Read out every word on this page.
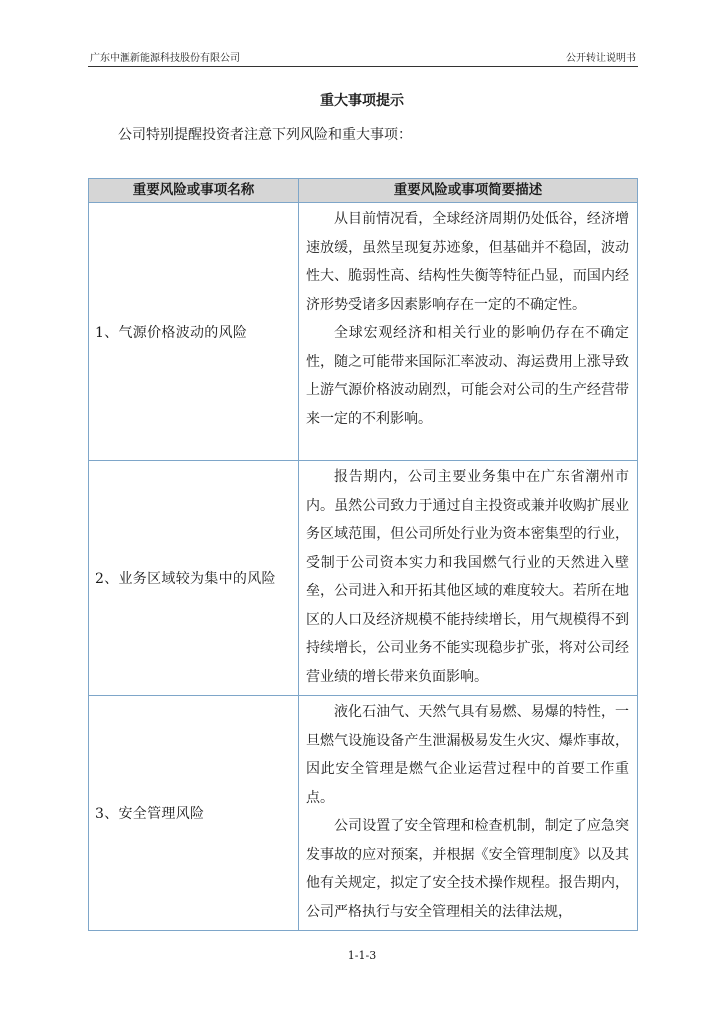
广东中滙新能源科技股份有限公司	公开转让说明书
重大事项提示
公司特别提醒投资者注意下列风险和重大事项：
重要风险或事项名称	重要风险或事项简要描述
1、气源价格波动的风险	从目前情况看，全球经济周期仍处低谷，经济增速放缓，虽然呈现复苏迹象，但基础并不稳固，波动性大、脆弱性高、结构性失衡等特征凸显，而国内经济形势受诸多因素影响存在一定的不确定性。

全球宏观经济和相关行业的影响仍存在不确定性，随之可能带来国际汇率波动、海运费用上涨导致上游气源价格波动剧烈，可能会对公司的生产经营带来一定的不利影响。

2、业务区域较为集中的风险	报告期内，公司主要业务集中在广东省潮州市内。虽然公司致力于通过自主投资或兼并收购扩展业务区域范围，但公司所处行业为资本密集型的行业，受制于公司资本实力和我国燃气行业的天然进入壁垒，公司进入和开拓其他区域的难度较大。若所在地区的人口及经济规模不能持续增长，用气规模得不到持续增长，公司业务不能实现稳步扩张，将对公司经营业绩的增长带来负面影响。

3、安全管理风险	液化石油气、天然气具有易燃、易爆的特性，一旦燃气设施设备产生泄漏极易发生火灾、爆炸事故，因此安全管理是燃气企业运营过程中的首要工作重点。

公司设置了安全管理和检查机制，制定了应急突发事故的应对预案，并根据《安全管理制度》以及其他有关规定，拟定了安全技术操作规程。报告期内，公司严格执行与安全管理相关的法律法规，

1-1-3
